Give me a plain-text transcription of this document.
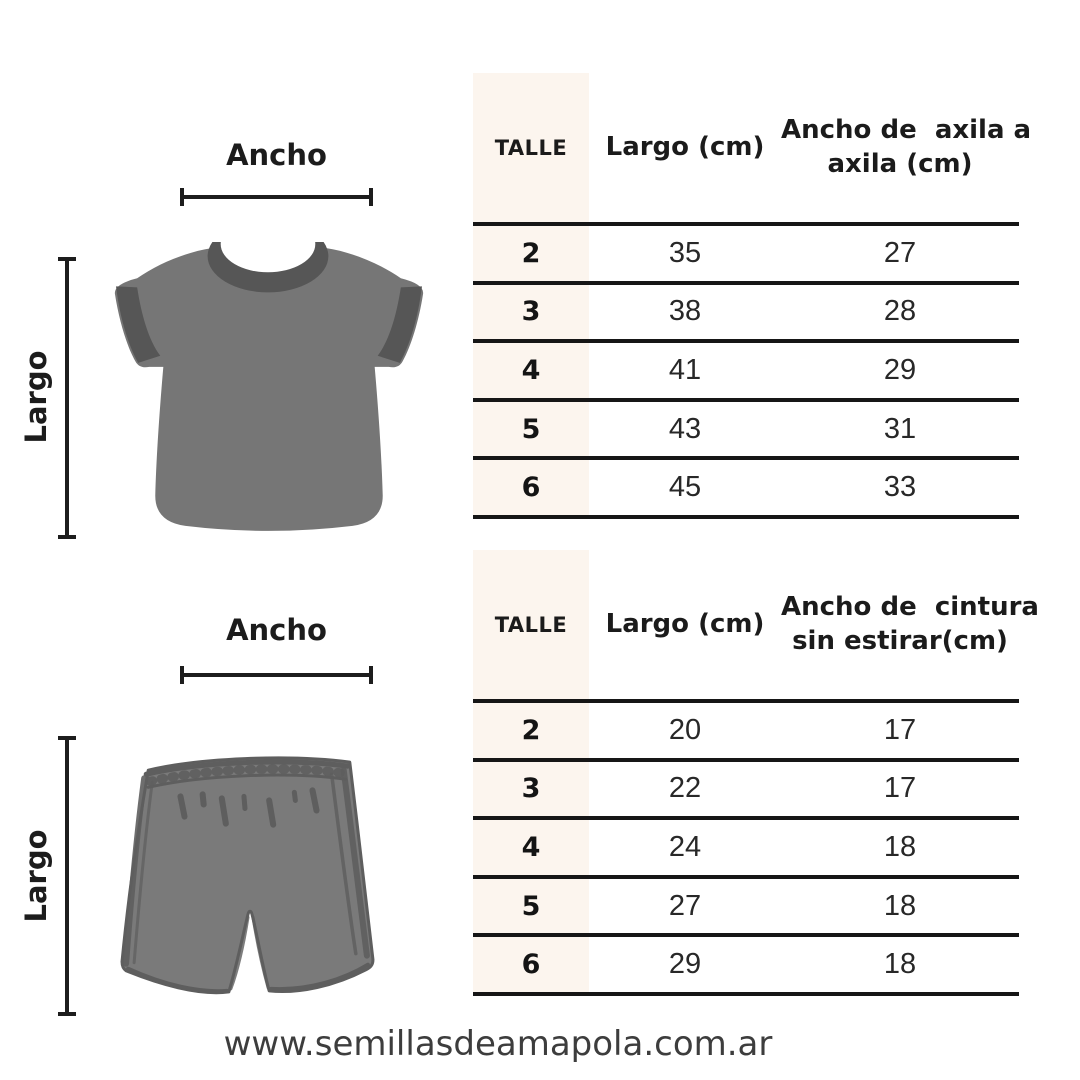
Ancho
Largo
Ancho
Largo
TALLE	Largo (cm)	Ancho de  axila a
axila (cm)

2	35	27
3	38	28
4	41	29
5	43	31
6	45	33
TALLE	Largo (cm)	Ancho de  cintura
sin estirar(cm)

2	20	17
3	22	17
4	24	18
5	27	18
6	29	18
www.semillasdeamapola.com.ar
